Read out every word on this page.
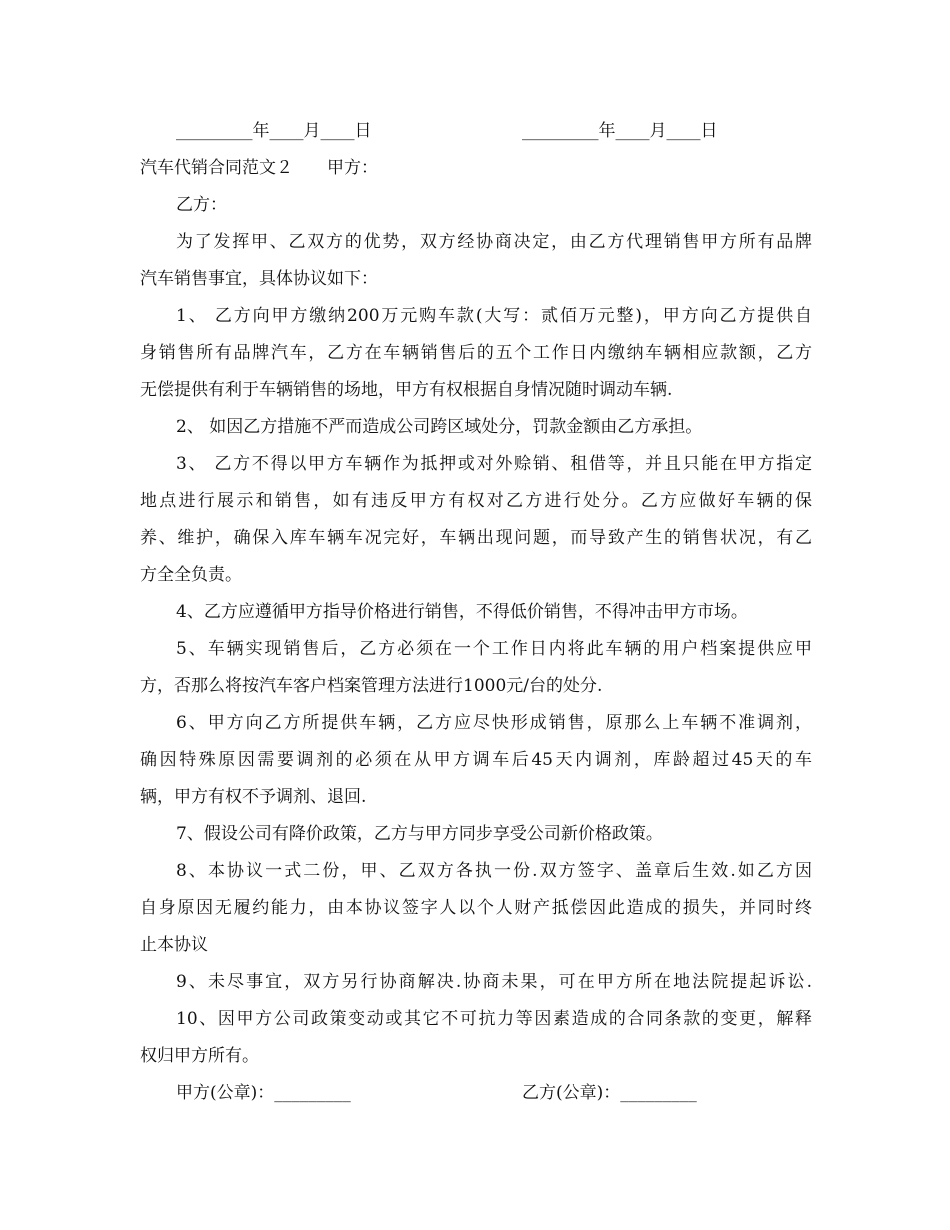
_________年____月____日	_________年____月____日
汽车代销合同范文２　　 甲方：
乙方：
为了发挥甲、乙双方的优势，双方经协商决定，由乙方代理销售甲方所有品牌
汽车销售事宜，具体协议如下：
1、 乙方向甲方缴纳200万元购车款(大写：贰佰万元整)，甲方向乙方提供自
身销售所有品牌汽车，乙方在车辆销售后的五个工作日内缴纳车辆相应款额，乙方
无偿提供有利于车辆销售的场地，甲方有权根据自身情况随时调动车辆.
2、 如因乙方措施不严而造成公司跨区域处分，罚款金额由乙方承担。
3、 乙方不得以甲方车辆作为抵押或对外赊销、租借等，并且只能在甲方指定
地点进行展示和销售，如有违反甲方有权对乙方进行处分。乙方应做好车辆的保
养、维护，确保入库车辆车况完好，车辆出现问题，而导致产生的销售状况，有乙
方全全负责。
4、乙方应遵循甲方指导价格进行销售，不得低价销售，不得冲击甲方市场。
5、车辆实现销售后，乙方必须在一个工作日内将此车辆的用户档案提供应甲
方，否那么将按汽车客户档案管理方法进行1000元/台的处分.
6、甲方向乙方所提供车辆，乙方应尽快形成销售，原那么上车辆不准调剂，
确因特殊原因需要调剂的必须在从甲方调车后45天内调剂，库龄超过45天的车
辆，甲方有权不予调剂、退回.
7、假设公司有降价政策，乙方与甲方同步享受公司新价格政策。
8、本协议一式二份，甲、乙双方各执一份.双方签字、盖章后生效.如乙方因
自身原因无履约能力，由本协议签字人以个人财产抵偿因此造成的损失，并同时终
止本协议
9、未尽事宜，双方另行协商解决.协商未果，可在甲方所在地法院提起诉讼.
10、因甲方公司政策变动或其它不可抗力等因素造成的合同条款的变更，解释
权归甲方所有。
甲方(公章)：_________	乙方(公章)：_________
